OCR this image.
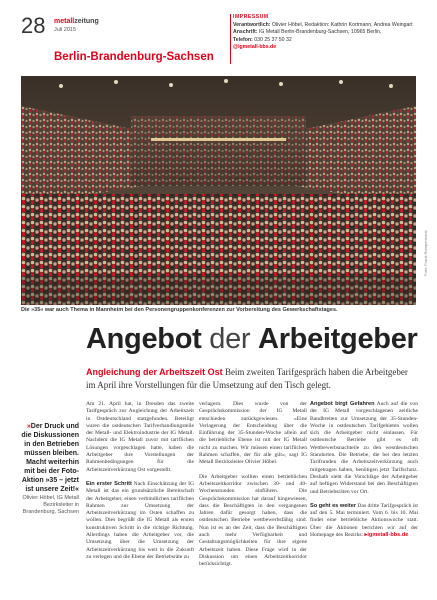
28 metallzeitung
Juli 2015
Berlin-Brandenburg-Sachsen
IMPRESSUM
Verantwortlich: Olivier Höbel, Redaktion: Kathrin Kortmann, Andrea Weingart
Anschrift: IG Metall Berlin-Brandenburg-Sachsen, 10965 Berlin,
Telefon: 030 25 37 50 32
@igmetall-bbs.de
Foto: Frank Rumpenhorst
Die »35« war auch Thema in Mannheim bei den Personengruppenkonferenzen zur Vorbereitung des Gewerkschaftstages.
Angebot der Arbeitgeber
Angleichung der Arbeitszeit Ost Beim zweiten Tarifgespräch haben die Arbeitgeber im April ihre Vorstellungen für die Umsetzung auf den Tisch gelegt.
»Der Druck und die Diskussionen in den Betrieben müssen bleiben. Macht weiterhin mit bei der Foto-Aktion »35 – jetzt ist unsere Zeit!«
Olivier Höbel, IG Metall Bezirksleiter in Brandenburg, Sachsen

Am 21. April hat, in Dresden das zweite Tarifgespräch zur Angleichung der Arbeitszeit in Ostdeutschland stattgefunden. Beteiligt waren die ostdeutschen Tarifverhandlungsteile der Metall- und Elektroindustrie der IG Metall. Nachdem die IG Metall zuvor mit tariflichen Lösungen vorgeschlagen hatte, haben die Arbeitgeber ihre Vorstellungen der Rahmenbedingungen für die Arbeitszeitverkürzung Ost vorgestellt.

Ein erster Schritt Nach Einschätzung der IG Metall ist das ein grundsätzliche Bereitschaft der Arbeitgeber, einen verbindlichen tariflichen Rahmen zur Umsetzung der Arbeitszeitverkürzung im Osten schaffen zu wollen. Dies begrüßt die IG Metall als ersten konstruktiven Schritt in die richtige Richtung. Allerdings haben die Arbeitgeber vor, die Umsetzung über die Umsetzung der Arbeitszeitverkürzung bis weit in die Zukunft zu verlegen und die Ebene der Betriebsräte zu

verlagern. Dies wurde von der Gesprächskommission der IG Metall entschieden zurückgewiesen. »Eine Verlagerung der Entscheidung über die Einführung der 35-Stunden-Woche allein auf die betriebliche Ebene ist mit der IG Metall nicht zu machen. Wir müssen einen tariflichen Rahmen schaffen, der für alle gilt«, sagt IG Metall Bezirksleiter Olivier Höbel.

Die Arbeitgeber wollten einen betrieblichen Arbeitszeitkorridor zwischen 30- und 40-Wochenstunden einführen. Die Gesprächskommission hat darauf hingewiesen, dass die Beschäftigten in den vergangenen Jahren dafür gesorgt haben, dass die ostdeutschen Betriebe wettbewerbsfähig sind. Nun ist es an der Zeit, dass die Beschäftigten auch mehr Verfügbarkeit und Gestaltungsmöglichkeiten für ihre eigene Arbeitszeit haben. Diese Frage wird in der Diskussion um einen Arbeitszeitkorridor berücksichtigt.

Angebot birgt Gefahren Auch auf die von der IG Metall vorgeschlagenen zeitliche Bandbreiten zur Umsetzung der 35-Stunden-Woche in ostdeutschen Tarifgebieten wollen sich die Arbeitgeber nicht einlassen. Für ostdeutsche Betriebe gibt es oft Wettbewerbsnachteile zu den westdeutschen Standorten. Die Betriebe, die bei den letzten Tarifrunden die Arbeitszeitverkürzung auch mitgetragen haben, benötigen jetzt Tarifschutz. Deshalb sieht die Vorschläge der Arbeitgeber auf heftigen Widerstand bei den Beschäftigten und Betriebsräten vor Ort.

So geht es weiter Das dritte Tarifgespräch ist auf den 5. Mai terminiert. Vom 6. bis 10. Mai findet eine betriebliche Aktionswoche statt. Über die Aktionen berichten wir auf der Homepage des Bezirks: ▸igmetall-bbs.de
